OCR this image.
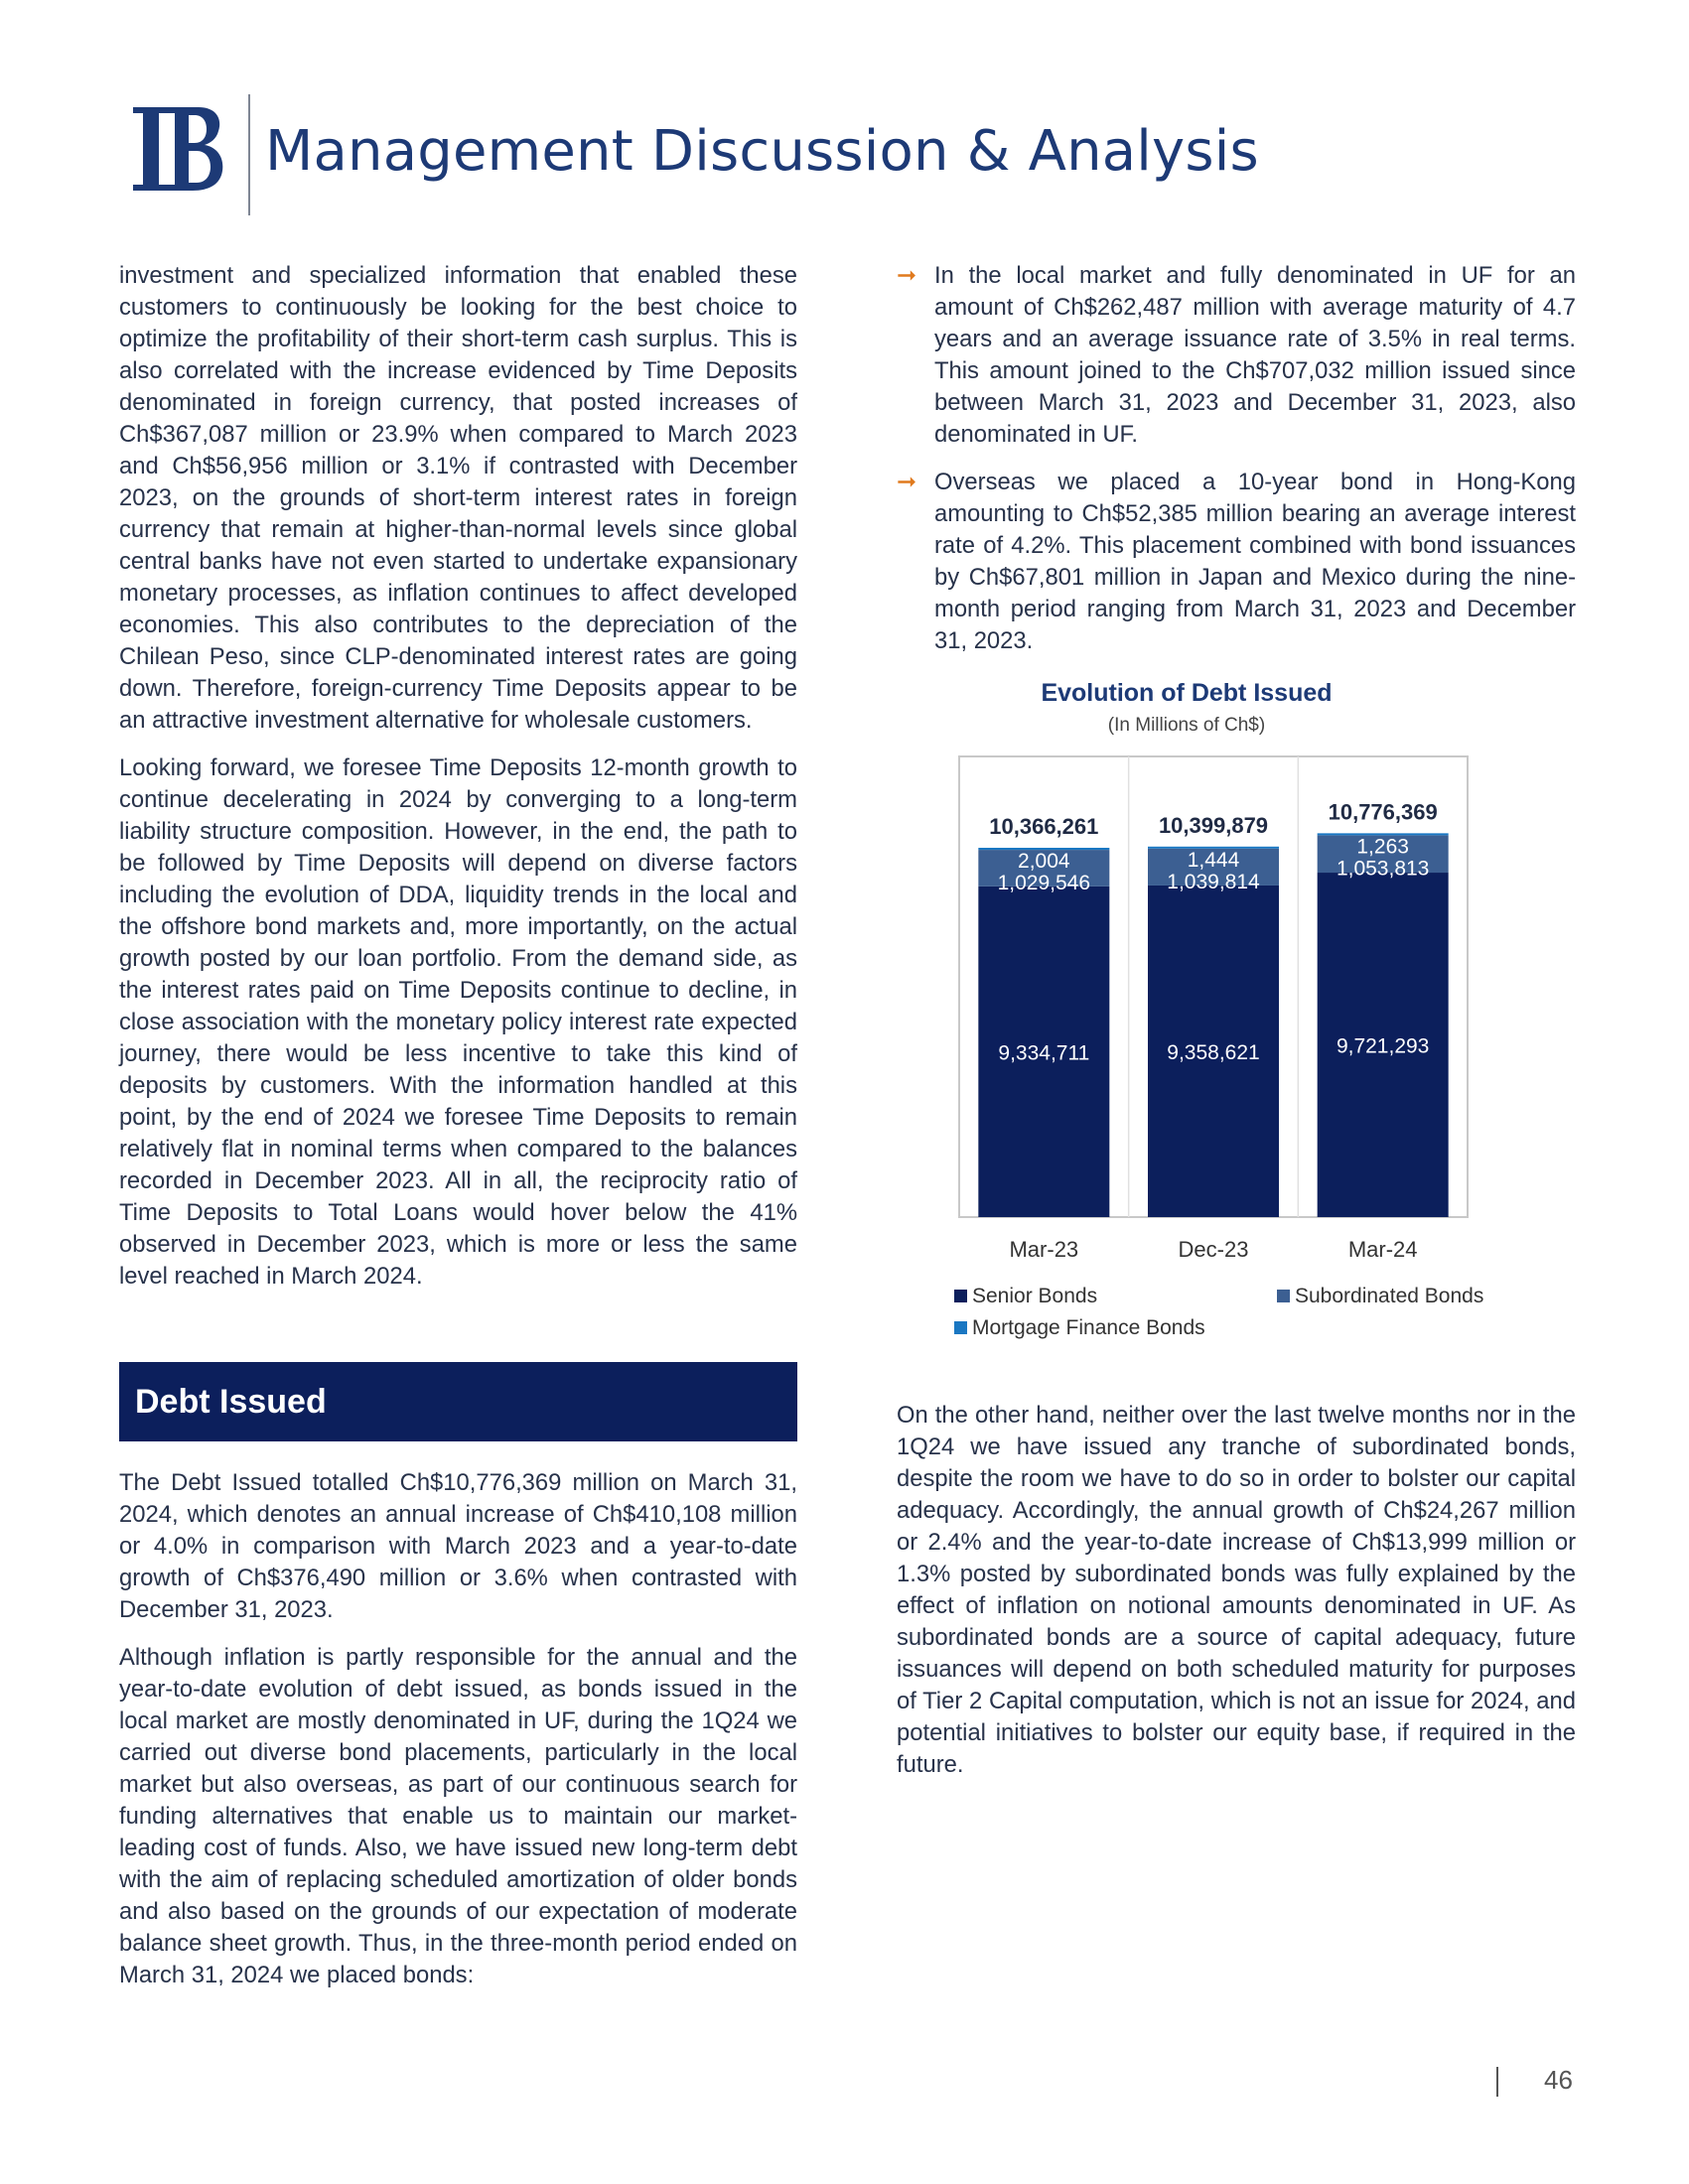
Management Discussion & Analysis

investment and specialized information that enabled these customers to continuously be looking for the best choice to optimize the profitability of their short-term cash surplus. This is also correlated with the increase evidenced by Time Deposits denominated in foreign currency, that posted increases of Ch$367,087 million or 23.9% when compared to March 2023 and Ch$56,956 million or 3.1% if contrasted with December 2023, on the grounds of short-term interest rates in foreign currency that remain at higher-than-normal levels since global central banks have not even started to undertake expansionary monetary processes, as inflation continues to affect developed economies. This also contributes to the depreciation of the Chilean Peso, since CLP-denominated interest rates are going down. Therefore, foreign-currency Time Deposits appear to be an attractive investment alternative for wholesale customers.

Looking forward, we foresee Time Deposits 12-month growth to continue decelerating in 2024 by converging to a long-term liability structure composition. However, in the end, the path to be followed by Time Deposits will depend on diverse factors including the evolution of DDA, liquidity trends in the local and the offshore bond markets and, more importantly, on the actual growth posted by our loan portfolio. From the demand side, as the interest rates paid on Time Deposits continue to decline, in close association with the monetary policy interest rate expected journey, there would be less incentive to take this kind of deposits by customers. With the information handled at this point, by the end of 2024 we foresee Time Deposits to remain relatively flat in nominal terms when compared to the balances recorded in December 2023. All in all, the reciprocity ratio of Time Deposits to Total Loans would hover below the 41% observed in December 2023, which is more or less the same level reached in March 2024.

Debt Issued

The Debt Issued totalled Ch$10,776,369 million on March 31, 2024, which denotes an annual increase of Ch$410,108 million or 4.0% in comparison with March 2023 and a year-to-date growth of Ch$376,490 million or 3.6% when contrasted with December 31, 2023.

Although inflation is partly responsible for the annual and the year-to-date evolution of debt issued, as bonds issued in the local market are mostly denominated in UF, during the 1Q24 we carried out diverse bond placements, particularly in the local market but also overseas, as part of our continuous search for funding alternatives that enable us to maintain our market-leading cost of funds. Also, we have issued new long-term debt with the aim of replacing scheduled amortization of older bonds and also based on the grounds of our expectation of moderate balance sheet growth. Thus, in the three-month period ended on March 31, 2024 we placed bonds:

➞ In the local market and fully denominated in UF for an amount of Ch$262,487 million with average maturity of 4.7 years and an average issuance rate of 3.5% in real terms. This amount joined to the Ch$707,032 million issued since between March 31, 2023 and December 31, 2023, also denominated in UF.
➞ Overseas we placed a 10-year bond in Hong-Kong amounting to Ch$52,385 million bearing an average interest rate of 4.2%. This placement combined with bond issuances by Ch$67,801 million in Japan and Mexico during the nine-month period ranging from March 31, 2023 and December 31, 2023.
Evolution of Debt Issued
(In Millions of Ch$)
9,334,711
1,029,546
2,004
10,366,261
Mar-23
9,358,621
1,039,814
1,444
10,399,879
Dec-23
9,721,293
1,053,813
1,263
10,776,369
Mar-24
Senior Bonds	Subordinated Bonds
Mortgage Finance Bonds

On the other hand, neither over the last twelve months nor in the 1Q24 we have issued any tranche of subordinated bonds, despite the room we have to do so in order to bolster our capital adequacy. Accordingly, the annual growth of Ch$24,267 million or 2.4% and the year-to-date increase of Ch$13,999 million or 1.3% posted by subordinated bonds was fully explained by the effect of inflation on notional amounts denominated in UF. As subordinated bonds are a source of capital adequacy, future issuances will depend on both scheduled maturity for purposes of Tier 2 Capital computation, which is not an issue for 2024, and potential initiatives to bolster our equity base, if required in the future.

46
